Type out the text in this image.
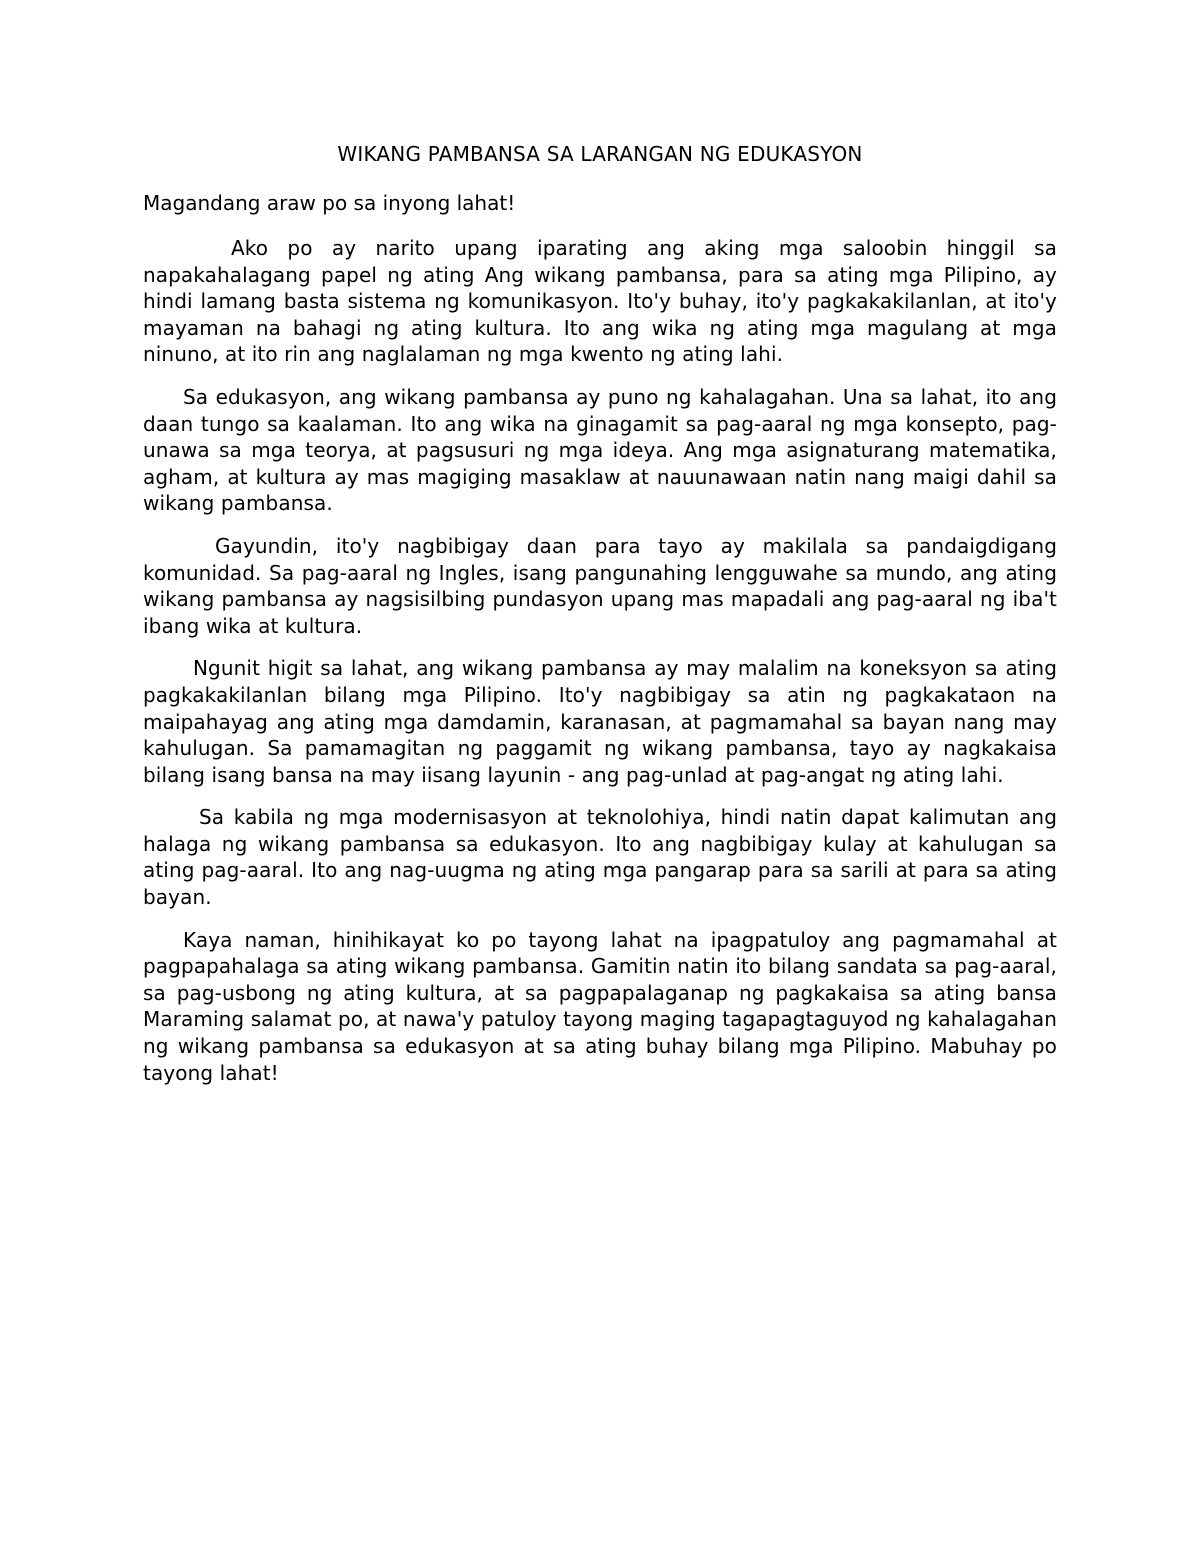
WIKANG PAMBANSA SA LARANGAN NG EDUKASYON

Magandang araw po sa inyong lahat!

Ako po ay narito upang iparating ang aking mga saloobin hinggil sa napakahalagang papel ng ating Ang wikang pambansa, para sa ating mga Pilipino, ay hindi lamang basta sistema ng komunikasyon. Ito'y buhay, ito'y pagkakakilanlan, at ito'y mayaman na bahagi ng ating kultura. Ito ang wika ng ating mga magulang at mga ninuno, at ito rin ang naglalaman ng mga kwento ng ating lahi.

Sa edukasyon, ang wikang pambansa ay puno ng kahalagahan. Una sa lahat, ito ang daan tungo sa kaalaman. Ito ang wika na ginagamit sa pag-aaral ng mga konsepto, pag-unawa sa mga teorya, at pagsusuri ng mga ideya. Ang mga asignaturang matematika, agham, at kultura ay mas magiging masaklaw at nauunawaan natin nang maigi dahil sa wikang pambansa.

Gayundin, ito'y nagbibigay daan para tayo ay makilala sa pandaigdigang komunidad. Sa pag-aaral ng Ingles, isang pangunahing lengguwahe sa mundo, ang ating wikang pambansa ay nagsisilbing pundasyon upang mas mapadali ang pag-aaral ng iba't ibang wika at kultura.

Ngunit higit sa lahat, ang wikang pambansa ay may malalim na koneksyon sa ating pagkakakilanlan bilang mga Pilipino. Ito'y nagbibigay sa atin ng pagkakataon na maipahayag ang ating mga damdamin, karanasan, at pagmamahal sa bayan nang may kahulugan. Sa pamamagitan ng paggamit ng wikang pambansa, tayo ay nagkakaisa bilang isang bansa na may iisang layunin - ang pag-unlad at pag-angat ng ating lahi.

Sa kabila ng mga modernisasyon at teknolohiya, hindi natin dapat kalimutan ang halaga ng wikang pambansa sa edukasyon. Ito ang nagbibigay kulay at kahulugan sa ating pag-aaral. Ito ang nag-uugma ng ating mga pangarap para sa sarili at para sa ating bayan.

Kaya naman, hinihikayat ko po tayong lahat na ipagpatuloy ang pagmamahal at pagpapahalaga sa ating wikang pambansa. Gamitin natin ito bilang sandata sa pag-aaral, sa pag-usbong ng ating kultura, at sa pagpapalaganap ng pagkakaisa sa ating bansa Maraming salamat po, at nawa'y patuloy tayong maging tagapagtaguyod ng kahalagahan ng wikang pambansa sa edukasyon at sa ating buhay bilang mga Pilipino. Mabuhay po tayong lahat!
